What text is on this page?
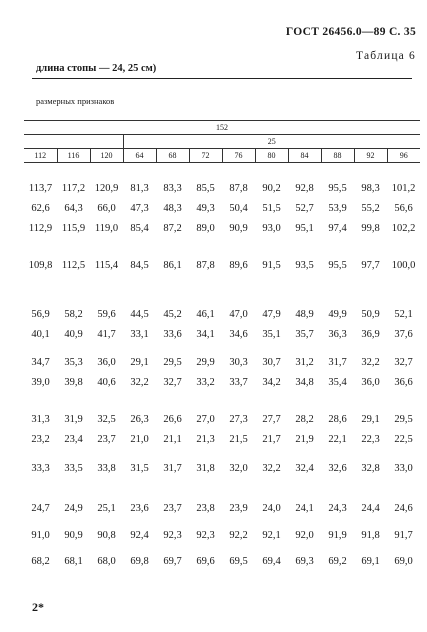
ГОСТ 26456.0—89 С. 35
Таблица 6
длина стопы — 24, 25 см)
размерных признаков
152											
			25								
112	116	120	64	68	72	76	80	84	88	92	96
113,7 117,2 120,9	81,3	83,3	85,5	87,8	90,2	92,8	95,5	98,3	101,2
62,6	64,3	66,0	47,3	48,3	49,3	50,4	51,5	52,7	53,9	55,2	56,6
112,9 115,9 119,0	85,4	87,2	89,0	90,9	93,0	95,1	97,4	99,8	102,2
109,8 112,5 115,4	84,5	86,1	87,8	89,6	91,5	93,5	95,5	97,7	100,0
56,9	58,2	59,6	44,5	45,2	46,1	47,0	47,9	48,9	49,9	50,9	52,1
40,1	40,9	41,7	33,1	33,6	34,1	34,6	35,1	35,7	36,3	36,9	37,6
34,7	35,3	36,0	29,1	29,5	29,9	30,3	30,7	31,2	31,7	32,2	32,7
39,0	39,8	40,6	32,2	32,7	33,2	33,7	34,2	34,8	35,4	36,0	36,6
31,3	31,9	32,5	26,3	26,6	27,0	27,3	27,7	28,2	28,6	29,1	29,5
23,2	23,4	23,7	21,0	21,1	21,3	21,5	21,7	21,9	22,1	22,3	22,5
33,3	33,5	33,8	31,5	31,7	31,8	32,0	32,2	32,4	32,6	32,8	33,0
24,7	24,9	25,1	23,6	23,7	23,8	23,9	24,0	24,1	24,3	24,4	24,6
91,0	90,9	90,8	92,4	92,3	92,3	92,2	92,1	92,0	91,9	91,8	91,7
68,2	68,1	68,0	69,8	69,7	69,6	69,5	69,4	69,3	69,2	69,1	69,0
2*
